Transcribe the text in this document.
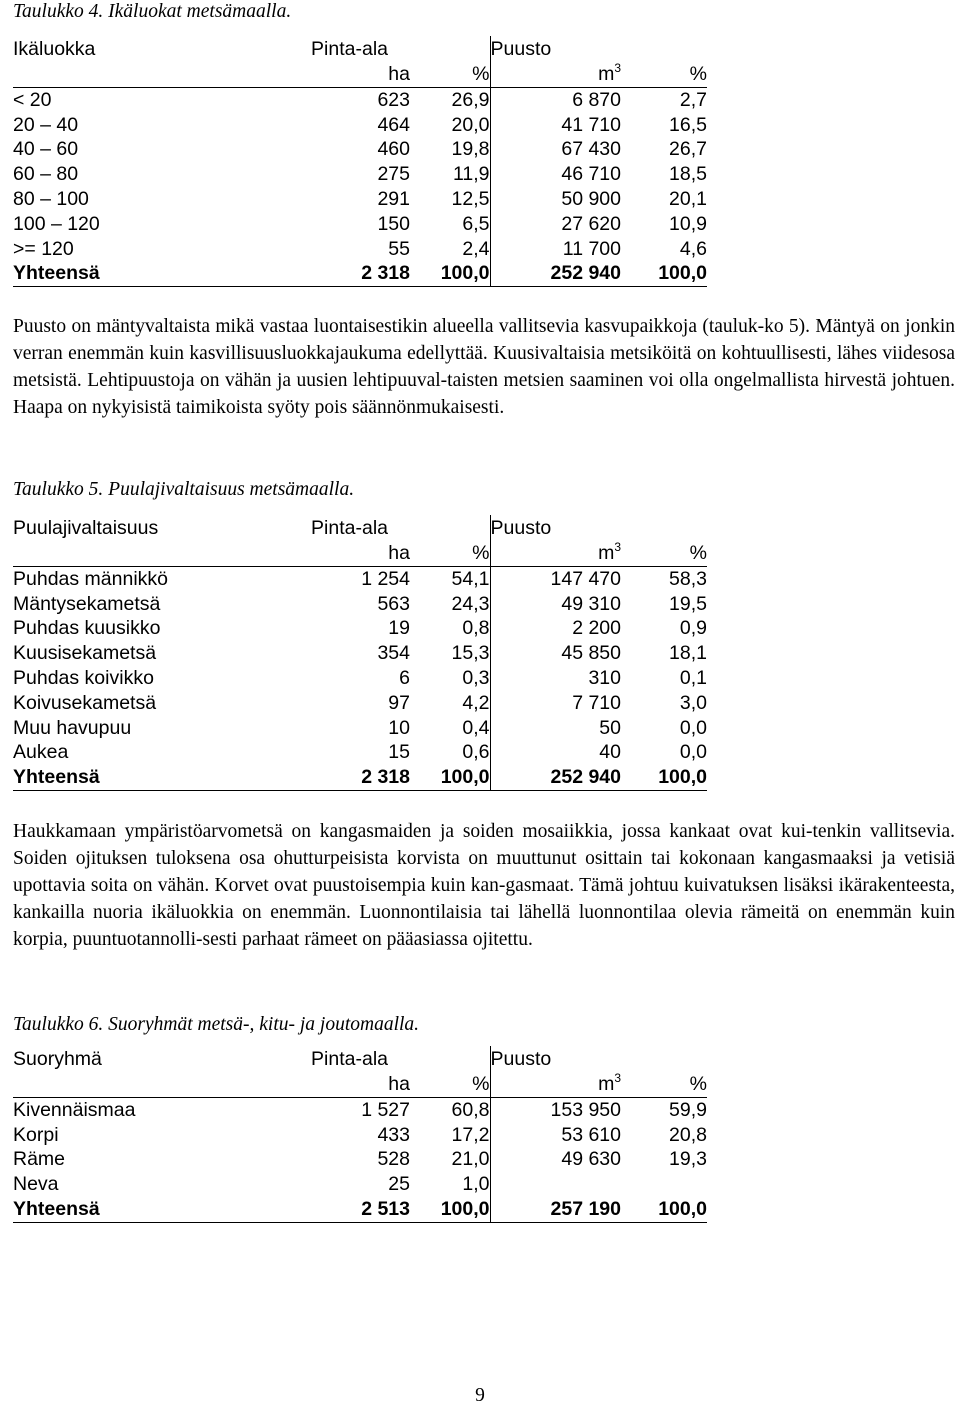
Taulukko 4. Ikäluokat metsämaalla.
Ikäluokka	Pinta-ala		Puusto	
	ha	%	$m^3$	%
< 20	623	26,9	6 870	2,7
20 – 40	464	20,0	41 710	16,5
40 – 60	460	19,8	67 430	26,7
60 – 80	275	11,9	46 710	18,5
80 – 100	291	12,5	50 900	20,1
100 – 120	150	6,5	27 620	10,9
>= 120	55	2,4	11 700	4,6
Yhteensä	2 318	100,0	252 940	100,0
Puusto on mäntyvaltaista mikä vastaa luontaisestikin alueella vallitsevia kasvupaikkoja (tauluk-ko 5). Mäntyä on jonkin verran enemmän kuin kasvillisuusluokkajaukuma edellyttää. Kuusivaltaisia metsiköitä on kohtuullisesti, lähes viidesosa metsistä. Lehtipuustoja on vähän ja uusien lehtipuuval-taisten metsien saaminen voi olla ongelmallista hirvestä johtuen. Haapa on nykyisistä taimikoista syöty pois säännönmukaisesti.
Taulukko 5. Puulajivaltaisuus metsämaalla.
Puulajivaltaisuus	Pinta-ala		Puusto	
	ha	%	$m^3$	%
Puhdas männikkö	1 254	54,1	147 470	58,3
Mäntysekametsä	563	24,3	49 310	19,5
Puhdas kuusikko	19	0,8	2 200	0,9
Kuusisekametsä	354	15,3	45 850	18,1
Puhdas koivikko	6	0,3	310	0,1
Koivusekametsä	97	4,2	7 710	3,0
Muu havupuu	10	0,4	50	0,0
Aukea	15	0,6	40	0,0
Yhteensä	2 318	100,0	252 940	100,0
Haukkamaan ympäristöarvometsä on kangasmaiden ja soiden mosaiikkia, jossa kankaat ovat kui-tenkin vallitsevia. Soiden ojituksen tuloksena osa ohutturpeisista korvista on muuttunut osittain tai kokonaan kangasmaaksi ja vetisiä upottavia soita on vähän. Korvet ovat puustoisempia kuin kan-gasmaat. Tämä johtuu kuivatuksen lisäksi ikärakenteesta, kankailla nuoria ikäluokkia on enemmän. Luonnontilaisia tai lähellä luonnontilaa olevia rämeitä on enemmän kuin korpia, puuntuotannolli-sesti parhaat rämeet on pääasiassa ojitettu.
Taulukko 6. Suoryhmät metsä-, kitu- ja joutomaalla.
Suoryhmä	Pinta-ala		Puusto	
	ha	%	$m^3$	%
Kivennäismaa	1 527	60,8	153 950	59,9
Korpi	433	17,2	53 610	20,8
Räme	528	21,0	49 630	19,3
Neva	25	1,0		
Yhteensä	2 513	100,0	257 190	100,0
9
